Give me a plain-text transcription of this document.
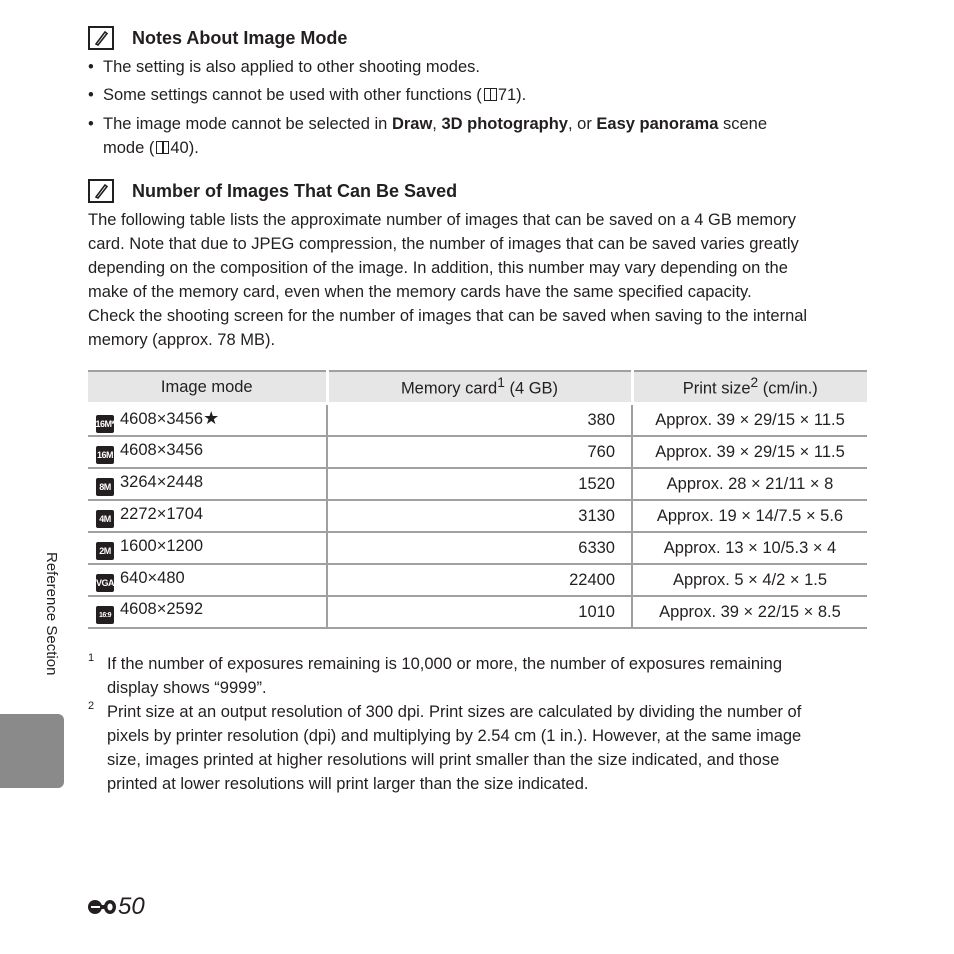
Notes About Image Mode
• The setting is also applied to other shooting modes.
• Some settings cannot be used with other functions ( 71).
• The image mode cannot be selected in Draw, 3D photography, or Easy panorama scene
mode ( 40).
Number of Images That Can Be Saved
The following table lists the approximate number of images that can be saved on a 4 GB memory
card. Note that due to JPEG compression, the number of images that can be saved varies greatly
depending on the composition of the image. In addition, this number may vary depending on the
make of the memory card, even when the memory cards have the same specified capacity.
Check the shooting screen for the number of images that can be saved when saving to the internal
memory (approx. 78 MB).
Image mode	Memory card$^1$ (4 GB)	Print size$^2$ (cm/in.)
16M* 4608×3456★	380	Approx. 39 × 29/15 × 11.5
16M 4608×3456	760	Approx. 39 × 29/15 × 11.5
8M 3264×2448	1520	Approx. 28 × 21/11 × 8
4M 2272×1704	3130	Approx. 19 × 14/7.5 × 5.6
2M 1600×1200	6330	Approx. 13 × 10/5.3 × 4
VGA 640×480	22400	Approx. 5 × 4/2 × 1.5
16:9 4608×2592	1010	Approx. 39 × 22/15 × 8.5
1 If the number of exposures remaining is 10,000 or more, the number of exposures remaining
display shows “9999”.
2 Print size at an output resolution of 300 dpi. Print sizes are calculated by dividing the number of
pixels by printer resolution (dpi) and multiplying by 2.54 cm (1 in.). However, at the same image
size, images printed at higher resolutions will print smaller than the size indicated, and those
printed at lower resolutions will print larger than the size indicated.
Reference Section
50
